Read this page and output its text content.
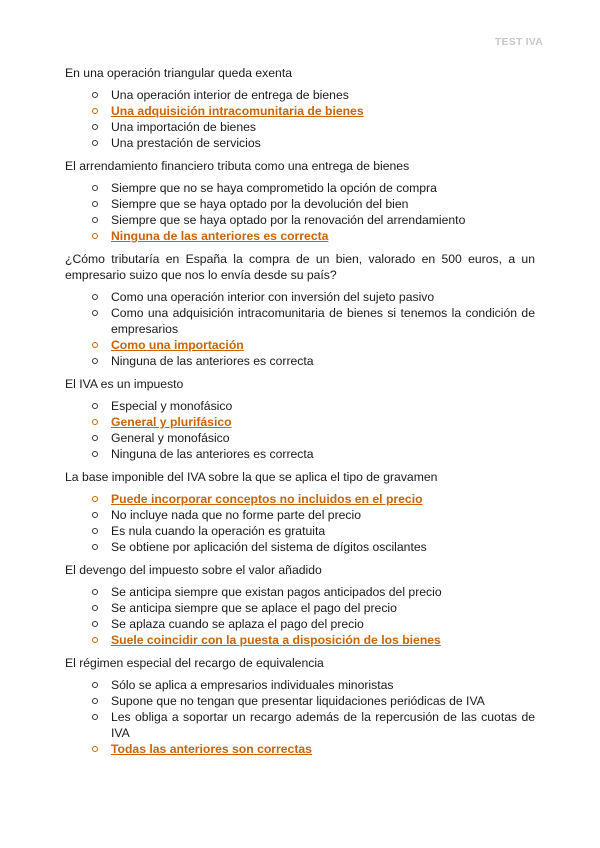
TEST IVA

En una operación triangular queda exenta

Una operación interior de entrega de bienes
Una adquisición intracomunitaria de bienes
Una importación de bienes
Una prestación de servicios

El arrendamiento financiero tributa como una entrega de bienes

Siempre que no se haya comprometido la opción de compra
Siempre que se haya optado por la devolución del bien
Siempre que se haya optado por la renovación del arrendamiento
Ninguna de las anteriores es correcta

¿Cómo tributaría en España la compra de un bien, valorado en 500 euros, a un empresario suizo que nos lo envía desde su país?

Como una operación interior con inversión del sujeto pasivo
Como una adquisición intracomunitaria de bienes si tenemos la condición de empresarios
Como una importación
Ninguna de las anteriores es correcta

El IVA es un impuesto

Especial y monofásico
General y plurifásico
General y monofásico
Ninguna de las anteriores es correcta

La base imponible del IVA sobre la que se aplica el tipo de gravamen

Puede incorporar conceptos no incluidos en el precio
No incluye nada que no forme parte del precio
Es nula cuando la operación es gratuita
Se obtiene por aplicación del sistema de dígitos oscilantes

El devengo del impuesto sobre el valor añadido

Se anticipa siempre que existan pagos anticipados del precio
Se anticipa siempre que se aplace el pago del precio
Se aplaza cuando se aplaza el pago del precio
Suele coincidir con la puesta a disposición de los bienes

El régimen especial del recargo de equivalencia

Sólo se aplica a empresarios individuales minoristas
Supone que no tengan que presentar liquidaciones periódicas de IVA
Les obliga a soportar un recargo además de la repercusión de las cuotas de IVA
Todas las anteriores son correctas
